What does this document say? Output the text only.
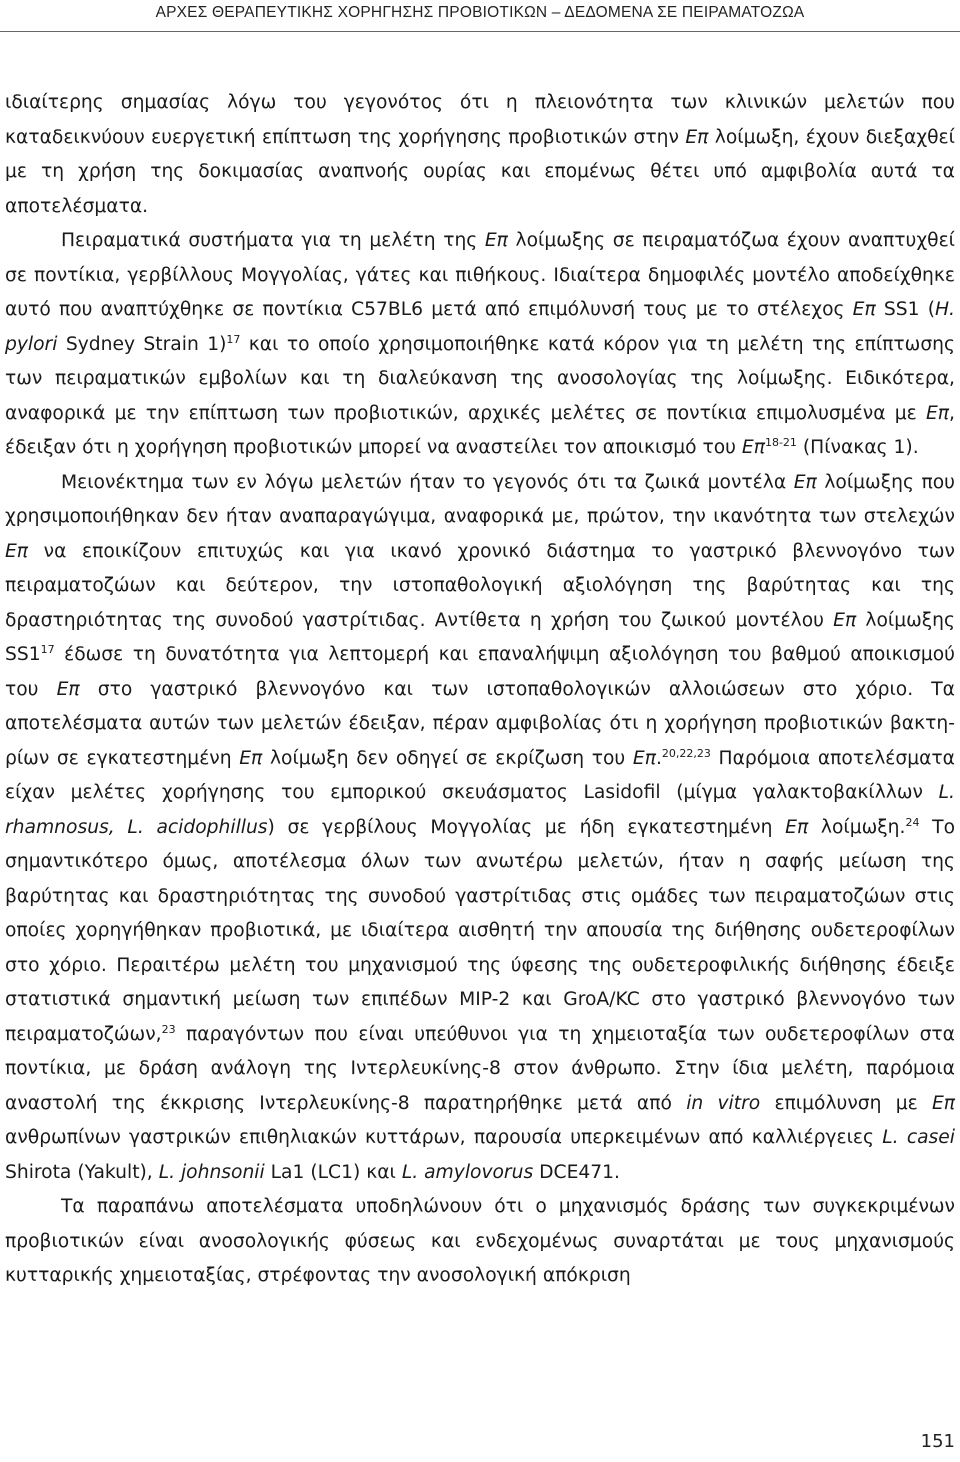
ΑΡΧΕΣ ΘΕΡΑΠΕΥΤΙΚΗΣ ΧΟΡΗΓΗΣΗΣ ΠΡΟΒΙΟΤΙΚΩΝ – ΔΕΔΟΜΕΝΑ ΣΕ ΠΕΙΡΑΜΑΤΟΖΩΑ

ιδιαίτερης σημασίας λόγω του γεγονότος ότι η πλειονότητα των κλινικών μελετών που καταδεικνύουν ευεργετική επίπτωση της χορήγησης προβιοτικών στην Επ λοίμωξη, έχουν διεξαχθεί με τη χρήση της δοκιμασίας αναπνοής ουρίας και επομένως θέτει υπό αμφιβολία αυτά τα αποτελέσματα.

Πειραματικά συστήματα για τη μελέτη της Επ λοίμωξης σε πειραματόζωα έχουν αναπτυχθεί σε ποντίκια, γερβίλλους Μογγολίας, γάτες και πιθήκους. Ιδιαίτερα δημοφιλές μοντέλο αποδείχθηκε αυτό που αναπτύχθηκε σε ποντίκια C57BL6 μετά από επιμόλυνσή τους με το στέλεχος Επ SS1 (H. pylori Sydney Strain 1)$^{17}$ και το οποίο χρησιμοποιήθηκε κατά κόρον για τη μελέτη της επίπτωσης των πειραματικών εμβολίων και τη διαλεύκανση της ανοσολογίας της λοίμωξης. Ειδικότερα, αναφορικά με την επίπτωση των προβιοτικών, αρχικές μελέτες σε ποντίκια επιμολυσμένα με Επ, έδειξαν ότι η χορήγηση προβιοτικών μπορεί να αναστείλει τον αποικισμό του $E\pi^{18-21}$ (Πίνακας 1).

Μειονέκτημα των εν λόγω μελετών ήταν το γεγονός ότι τα ζωικά μοντέλα Επ λοίμωξης που χρησιμοποιήθηκαν δεν ήταν αναπαραγώγιμα, αναφορικά με, πρώτον, την ικανότητα των στελεχών Επ να εποικίζουν επιτυχώς και για ικανό χρονικό διάστημα το γαστρικό βλεννογόνο των πειραματοζώων και δεύτερον, την ιστοπαθολογική αξιολόγηση της βαρύτητας και της δραστηριότητας της συνοδού γαστρίτιδας. Αντίθετα η χρήση του ζωικού μοντέλου Επ λοίμωξης $SS1^{17}$ έδωσε τη δυνατότητα για λεπτομερή και επαναλήψιμη αξιολόγηση του βαθμού αποικισμού του Επ στο γαστρικό βλεννογόνο και των ιστοπαθολογικών αλλοιώσεων στο χόριο. Τα αποτελέσματα αυτών των μελετών έδειξαν, πέραν αμφιβολίας ότι η χορήγηση προβιοτικών βακτηρίων σε εγκατεστημένη Επ λοίμωξη δεν οδηγεί σε εκρίζωση του Επ.$^{20,22,23}$ Παρόμοια αποτελέσματα είχαν μελέτες χορήγησης του εμπορικού σκευάσματος Lasidofil (μίγμα γαλακτοβακίλλων L. rhamnosus, L. acidophillus) σε γερβίλους Μογγολίας με ήδη εγκατεστημένη Επ λοίμωξη.$^{24}$ Το σημαντικότερο όμως, αποτέλεσμα όλων των ανωτέρω μελετών, ήταν η σαφής μείωση της βαρύτητας και δραστηριότητας της συνοδού γαστρίτιδας στις ομάδες των πειραματοζώων στις οποίες χορηγήθηκαν προβιοτικά, με ιδιαίτερα αισθητή την απουσία της διήθησης ουδετεροφίλων στο χόριο. Περαιτέρω μελέτη του μηχανισμού της ύφεσης της ουδετεροφιλικής διήθησης έδειξε στατιστικά σημαντική μείωση των επιπέδων MIP-2 και GroA/KC στο γαστρικό βλεννογόνο των πειραματοζώων,$^{23}$ παραγόντων που είναι υπεύθυνοι για τη χημειοταξία των ουδετεροφίλων στα ποντίκια, με δράση ανάλογη της Ιντερλευκίνης-8 στον άνθρωπο. Στην ίδια μελέτη, παρόμοια αναστολή της έκκρισης Ιντερλευκίνης-8 παρατηρήθηκε μετά από in vitro επιμόλυνση με Επ ανθρωπίνων γαστρικών επιθηλιακών κυττάρων, παρουσία υπερκειμένων από καλλιέργειες L. casei Shirota (Yakult), L. johnsonii La1 (LC1) και L. amylovorus DCE471.

Τα παραπάνω αποτελέσματα υποδηλώνουν ότι ο μηχανισμός δράσης των συγκεκριμένων προβιοτικών είναι ανοσολογικής φύσεως και ενδεχομένως συναρτάται με τους μηχανισμούς κυτταρικής χημειοταξίας, στρέφοντας την ανοσολογική απόκριση

151
